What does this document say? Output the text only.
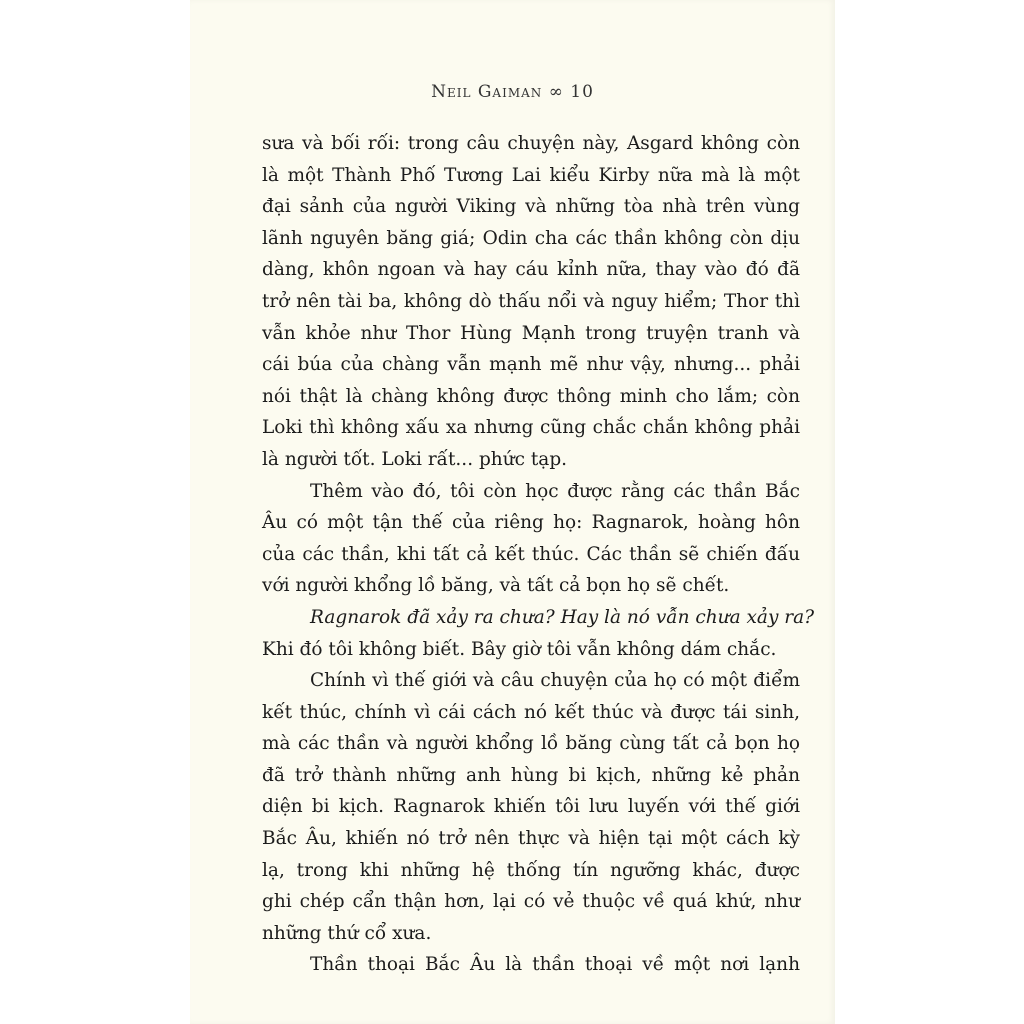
Neil Gaiman ∞ 10
sưa và bối rối: trong câu chuyện này, Asgard không còn
là một Thành Phố Tương Lai kiểu Kirby nữa mà là một
đại sảnh của người Viking và những tòa nhà trên vùng
lãnh nguyên băng giá; Odin cha các thần không còn dịu
dàng, khôn ngoan và hay cáu kỉnh nữa, thay vào đó đã
trở nên tài ba, không dò thấu nổi và nguy hiểm; Thor thì
vẫn khỏe như Thor Hùng Mạnh trong truyện tranh và
cái búa của chàng vẫn mạnh mẽ như vậy, nhưng... phải
nói thật là chàng không được thông minh cho lắm; còn
Loki thì không xấu xa nhưng cũng chắc chắn không phải
là người tốt. Loki rất... phức tạp.
Thêm vào đó, tôi còn học được rằng các thần Bắc
Âu có một tận thế của riêng họ: Ragnarok, hoàng hôn
của các thần, khi tất cả kết thúc. Các thần sẽ chiến đấu
với người khổng lồ băng, và tất cả bọn họ sẽ chết.
Ragnarok đã xảy ra chưa? Hay là nó vẫn chưa xảy ra?
Khi đó tôi không biết. Bây giờ tôi vẫn không dám chắc.
Chính vì thế giới và câu chuyện của họ có một điểm
kết thúc, chính vì cái cách nó kết thúc và được tái sinh,
mà các thần và người khổng lồ băng cùng tất cả bọn họ
đã trở thành những anh hùng bi kịch, những kẻ phản
diện bi kịch. Ragnarok khiến tôi lưu luyến với thế giới
Bắc Âu, khiến nó trở nên thực và hiện tại một cách kỳ
lạ, trong khi những hệ thống tín ngưỡng khác, được
ghi chép cẩn thận hơn, lại có vẻ thuộc về quá khứ, như
những thứ cổ xưa.
Thần thoại Bắc Âu là thần thoại về một nơi lạnh
